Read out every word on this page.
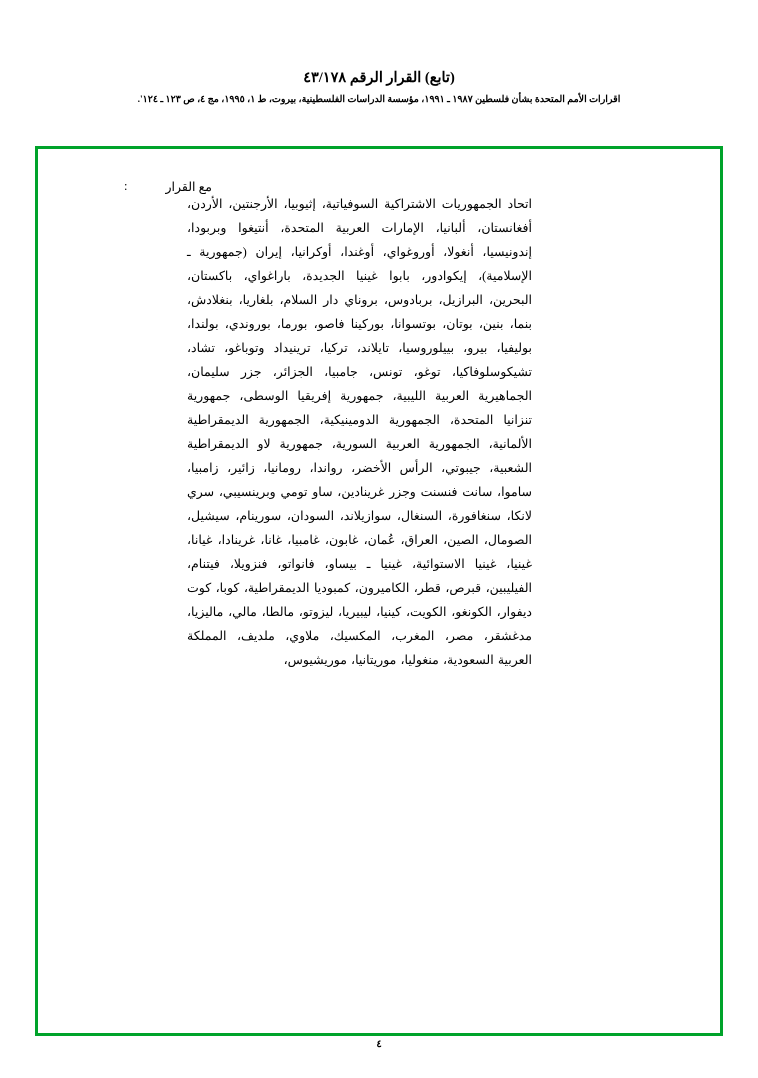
(تابع) القرار الرقم ٤٣/١٧٨
ا‏قرارات الأمم المتحدة بشأن فلسطين ١٩٨٧ ـ ١٩٩١، مؤسسة الدراسات الفلسطينية، بيروت، ط ١، ١٩٩٥، مج ٤، ص ١٢٣ ـ ١٢٤'.
مع القرار
:

اتحاد الجمهوريات الاشتراكية السوفياتية، إثيوبيا، الأرجنتين، الأردن، أفغانستان، ألبانيا، الإمارات العربية المتحدة، أنتيغوا وبربودا، إندونيسيا، أنغولا، أوروغواي، أوغندا، أوكرانيا، إيران (جمهورية ـ الإسلامية)، إيكوادور، بابوا غينيا الجديدة، باراغواي، باكستان، البحرين، البرازيل، بربادوس، بروناي دار السلام، بلغاريا، بنغلادش، بنما، بنين، بوتان، بوتسوانا، بوركينا فاصو، بورما، بوروندي، بولندا، بوليفيا، بيرو، بييلوروسيا، تايلاند، تركيا، ترينيداد وتوباغو، تشاد، تشيكوسلوفاكيا، توغو، تونس، جامبيا، الجزائر، جزر سليمان، الجماهيرية العربية الليبية، جمهورية إفريقيا الوسطى، جمهورية تنزانيا المتحدة، الجمهورية الدومينيكية، الجمهورية الديمقراطية الألمانية، الجمهورية العربية السورية، جمهورية لاو الديمقراطية الشعبية، جيبوتي، الرأس الأخضر، رواندا، رومانيا، زائير، زامبيا، ساموا، سانت فنسنت وجزر غرينادين، ساو تومي وبرينسيبي، سري لانكا، سنغافورة، السنغال، سوازيلاند، السودان، سورينام، سيشيل، الصومال، الصين، العراق، عُمان، غابون، غامبيا، غانا، غرينادا، غيانا، غينيا، غينيا الاستوائية، غينيا ـ بيساو، فانواتو، فنزويلا، فيتنام، الفيليبين، قبرص، قطر، الكاميرون، كمبوديا الديمقراطية، كوبا، كوت ديفوار، الكونغو، الكويت، كينيا، ليبيريا، ليزوتو، مالطا، مالي، ماليزيا، مدغشقر، مصر، المغرب، المكسيك، ملاوي، ملديف، المملكة العربية السعودية، منغوليا، موريتانيا، موريشيوس،

٤
